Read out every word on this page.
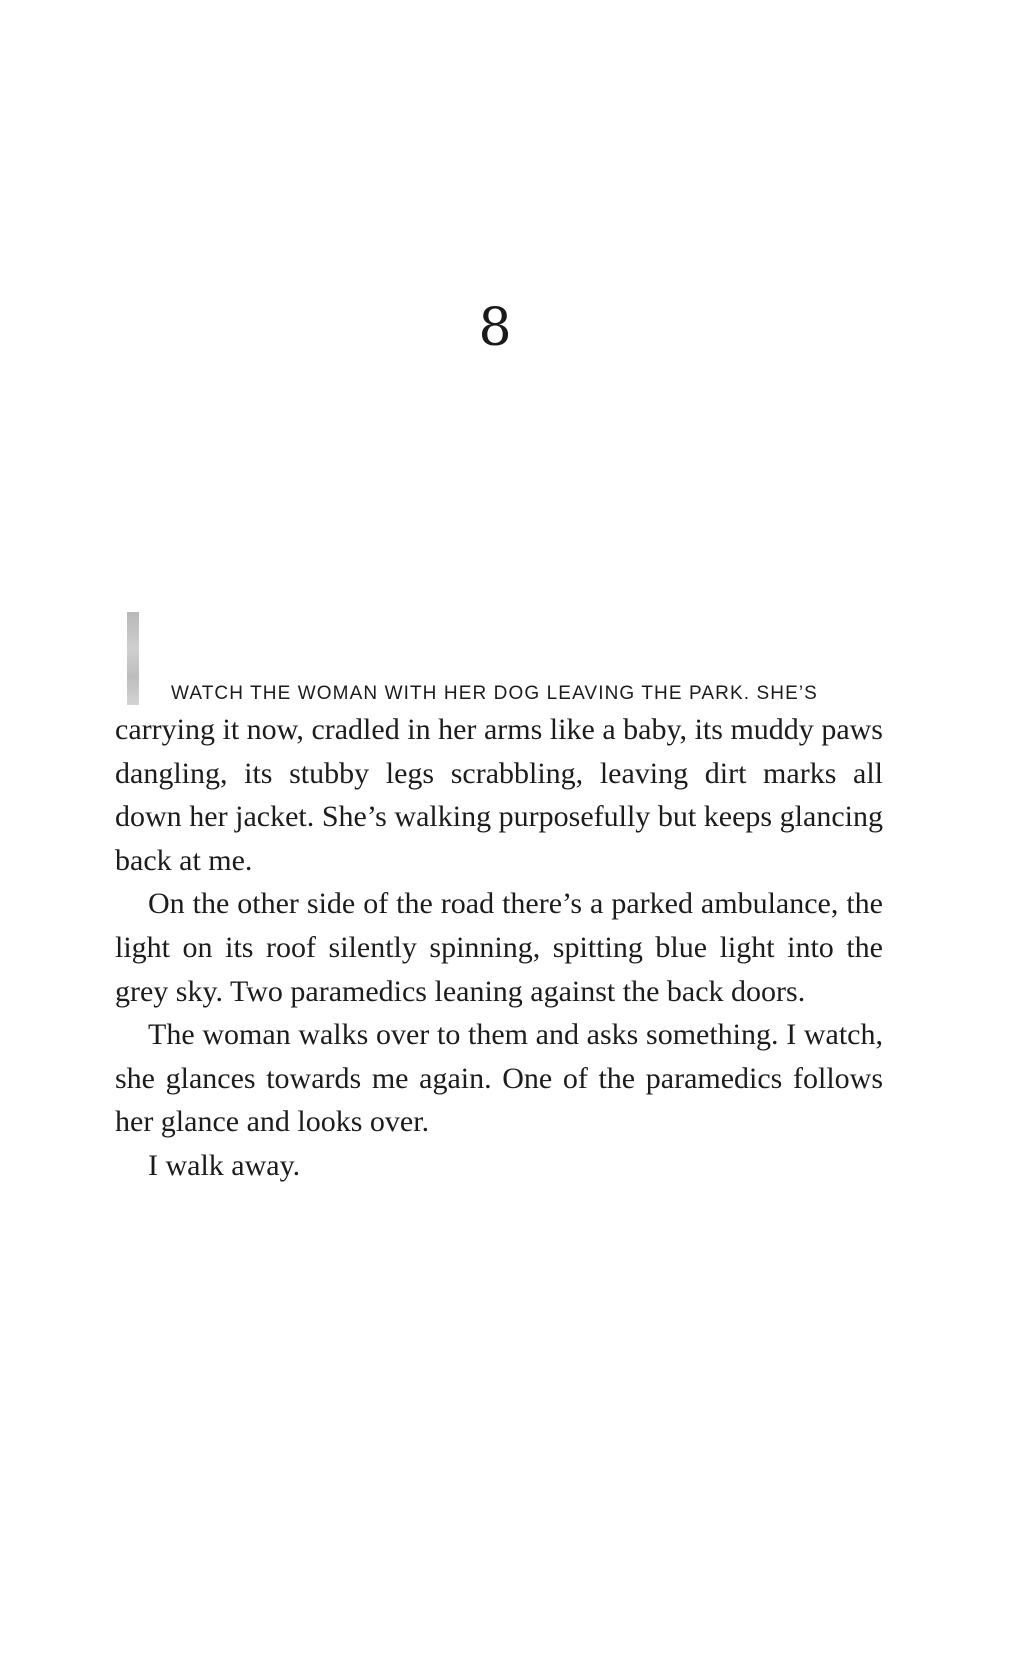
8
WATCH THE WOMAN WITH HER DOG LEAVING THE PARK. SHE’S

carrying it now, cradled in her arms like a baby, its muddy paws dangling, its stubby legs scrabbling, leaving dirt marks all down her jacket. She’s walking purposefully but keeps glancing back at me.

On the other side of the road there’s a parked ambulance, the light on its roof silently spinning, spitting blue light into the grey sky. Two paramedics leaning against the back doors.

The woman walks over to them and asks something. I watch, she glances towards me again. One of the paramedics follows her glance and looks over.

I walk away.
